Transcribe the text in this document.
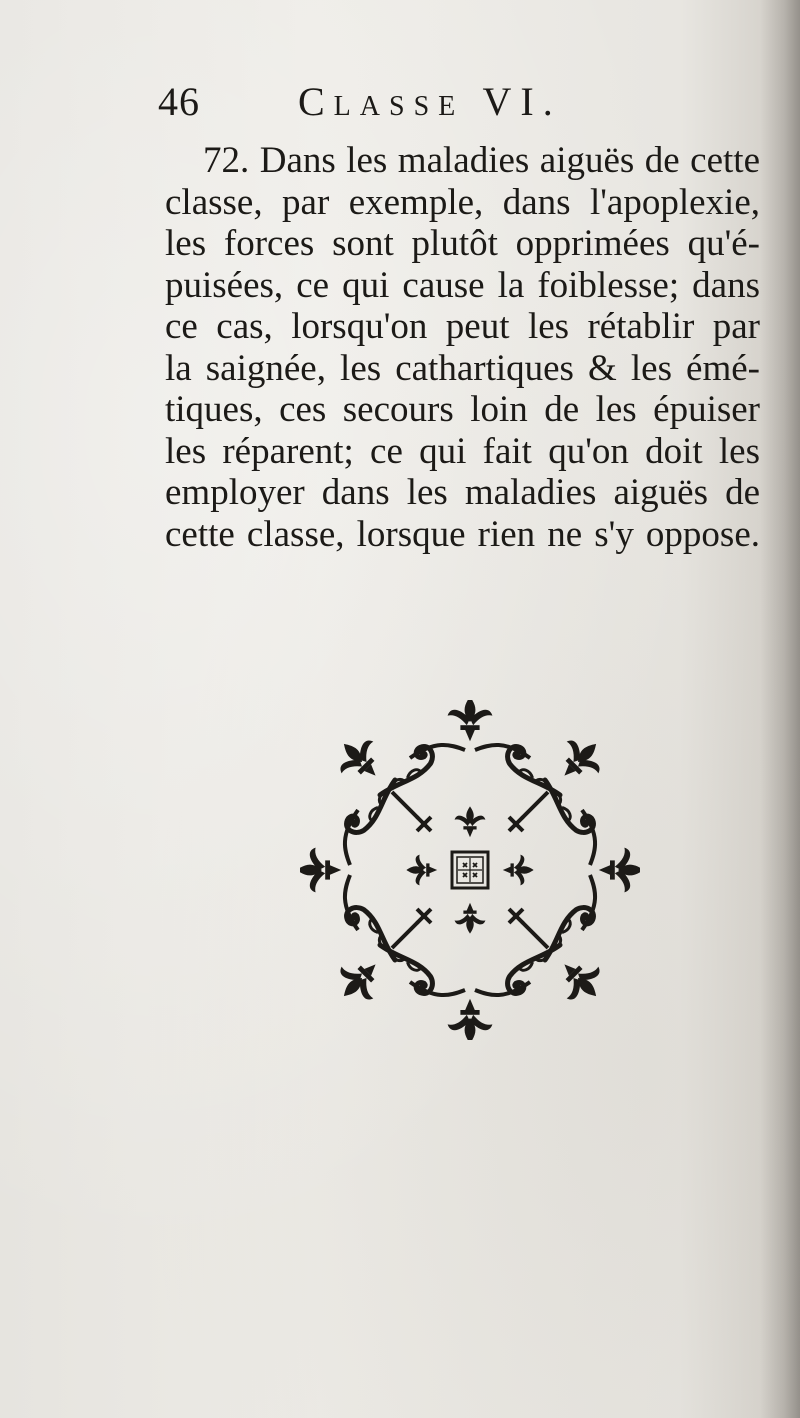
46 Classe VI.
72. Dans les maladies aiguës de cette
classe, par exemple, dans l'apoplexie,
les forces sont plutôt opprimées qu'é-
puisées, ce qui cause la foiblesse; dans
ce cas, lorsqu'on peut les rétablir par
la saignée, les cathartiques & les émé-
tiques, ces secours loin de les épuiser
les réparent; ce qui fait qu'on doit les
employer dans les maladies aiguës de
cette classe, lorsque rien ne s'y oppose.
